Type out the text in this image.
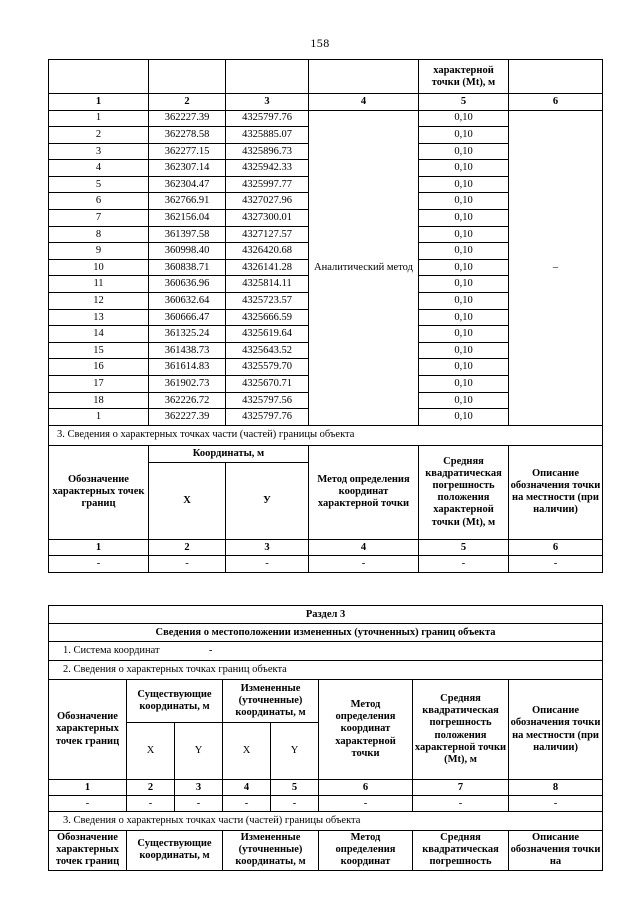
158
				характерной точки (Mt), м	
1	2	3	4	5	6
1	362227.39	4325797.76	Аналитический метод	0,10	–
2	362278.58	4325885.07		0,10	
3	362277.15	4325896.73		0,10	
4	362307.14	4325942.33		0,10	
5	362304.47	4325997.77		0,10	
6	362766.91	4327027.96		0,10	
7	362156.04	4327300.01		0,10	
8	361397.58	4327127.57		0,10	
9	360998.40	4326420.68		0,10	
10	360838.71	4326141.28		0,10	
11	360636.96	4325814.11		0,10	
12	360632.64	4325723.57		0,10	
13	360666.47	4325666.59		0,10	
14	361325.24	4325619.64		0,10	
15	361438.73	4325643.52		0,10	
16	361614.83	4325579.70		0,10	
17	361902.73	4325670.71		0,10	
18	362226.72	4325797.56		0,10	
1	362227.39	4325797.76		0,10	
3. Сведения о характерных точках части (частей) границы объекта					
Обозначение характерных точек границ	Координаты, м		Метод определения координат характерной точки	Средняя квадратическая погрешность положения характерной точки (Mt), м	Описание обозначения точки на местности (при наличии)
	Х	У			
1	2	3	4	5	6
-	-	-	-	-	-
Раздел 3							
Сведения о местоположении измененных (уточненных) границ объекта							
1. Система координат -							
2. Сведения о характерных точках границ объекта							
Обозначение характерных точек границ	Существующие координаты, м		Измененные (уточненные) координаты, м		Метод определения координат характерной точки	Средняя квадратическая погрешность положения характерной точки (Mt), м	Описание обозначения точки на местности (при наличии)
	Х	Y	Х	Y			
1	2	3	4	5	6	7	8
-	-	-	-	-	-	-	-
3. Сведения о характерных точках части (частей) границы объекта							
Обозначение характерных точек границ	Существующие координаты, м		Измененные (уточненные) координаты, м		Метод определения координат	Средняя квадратическая погрешность	Описание обозначения точки на
